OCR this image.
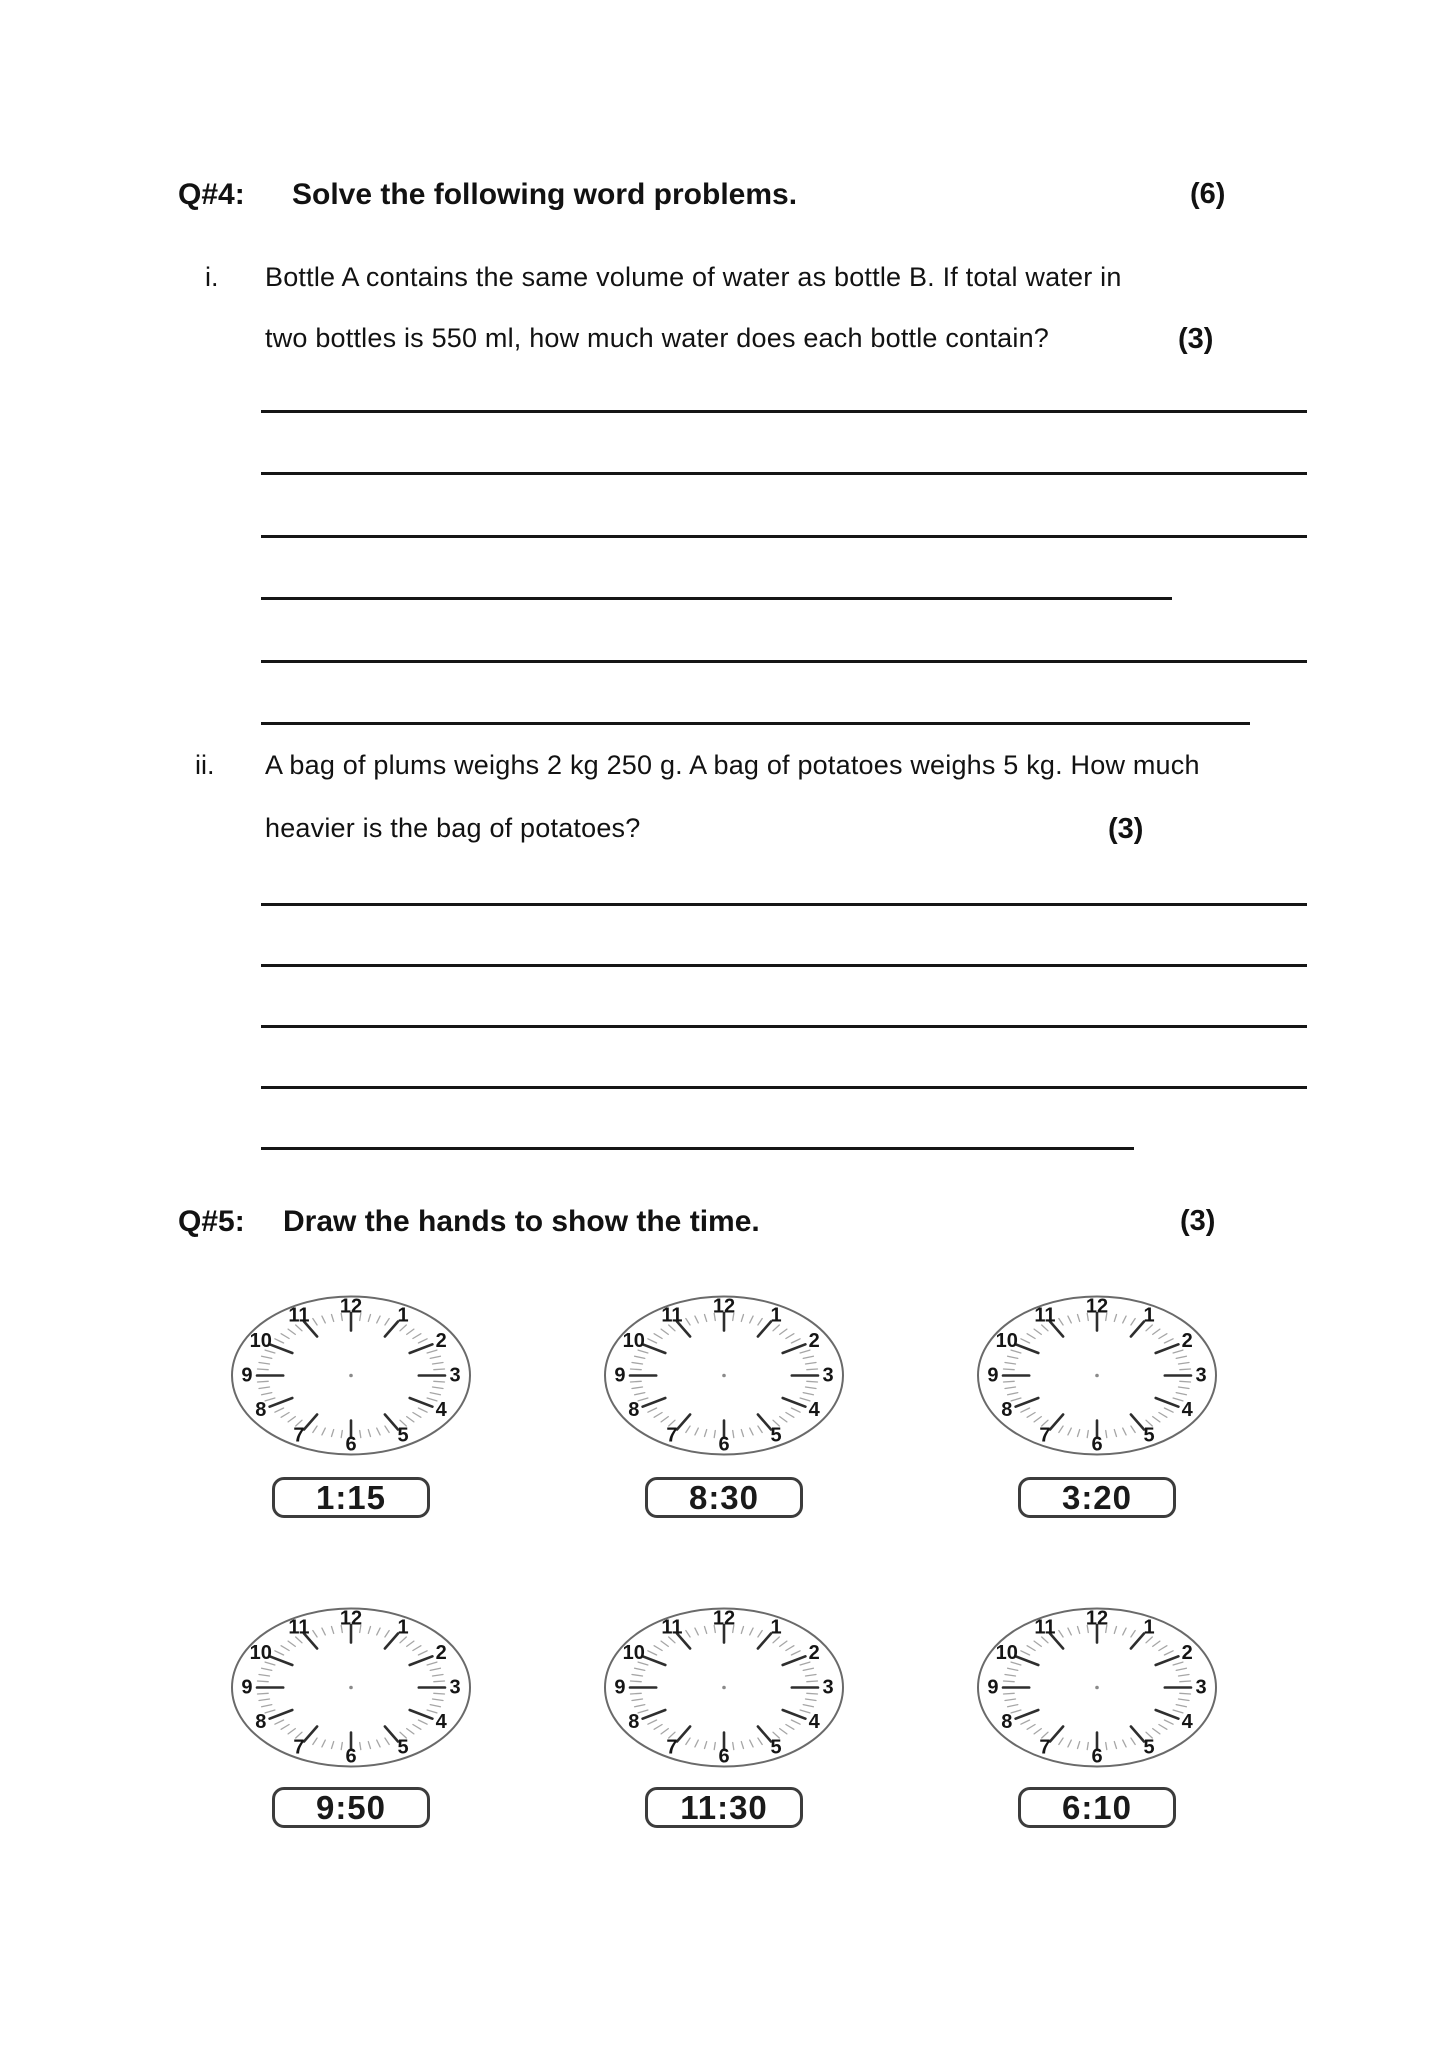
Q#4: Solve the following word problems.	(6)
i. Bottle A contains the same volume of water as bottle B. If total water in
two bottles is 550 ml, how much water does each bottle contain?	(3)
ii. A bag of plums weighs 2 kg 250 g. A bag of potatoes weighs 5 kg. How much
heavier is the bag of potatoes?	(3)
Q#5: Draw the hands to show the time.	(3)
1
2
3
4
5
6
7
8
9
10
11 12	1
2
3
4
5
6
7
8
9
10
11 12	1
2
3
4
5
6
7
8
9
10
11 12
1:15	8:30	3:20
1
2
3
4
5
6
7
8
9
10
11 12	1
2
3
4
5
6
7
8
9
10
11 12	1
2
3
4
5
6
7
8
9
10
11 12
9:50	11:30	6:10
